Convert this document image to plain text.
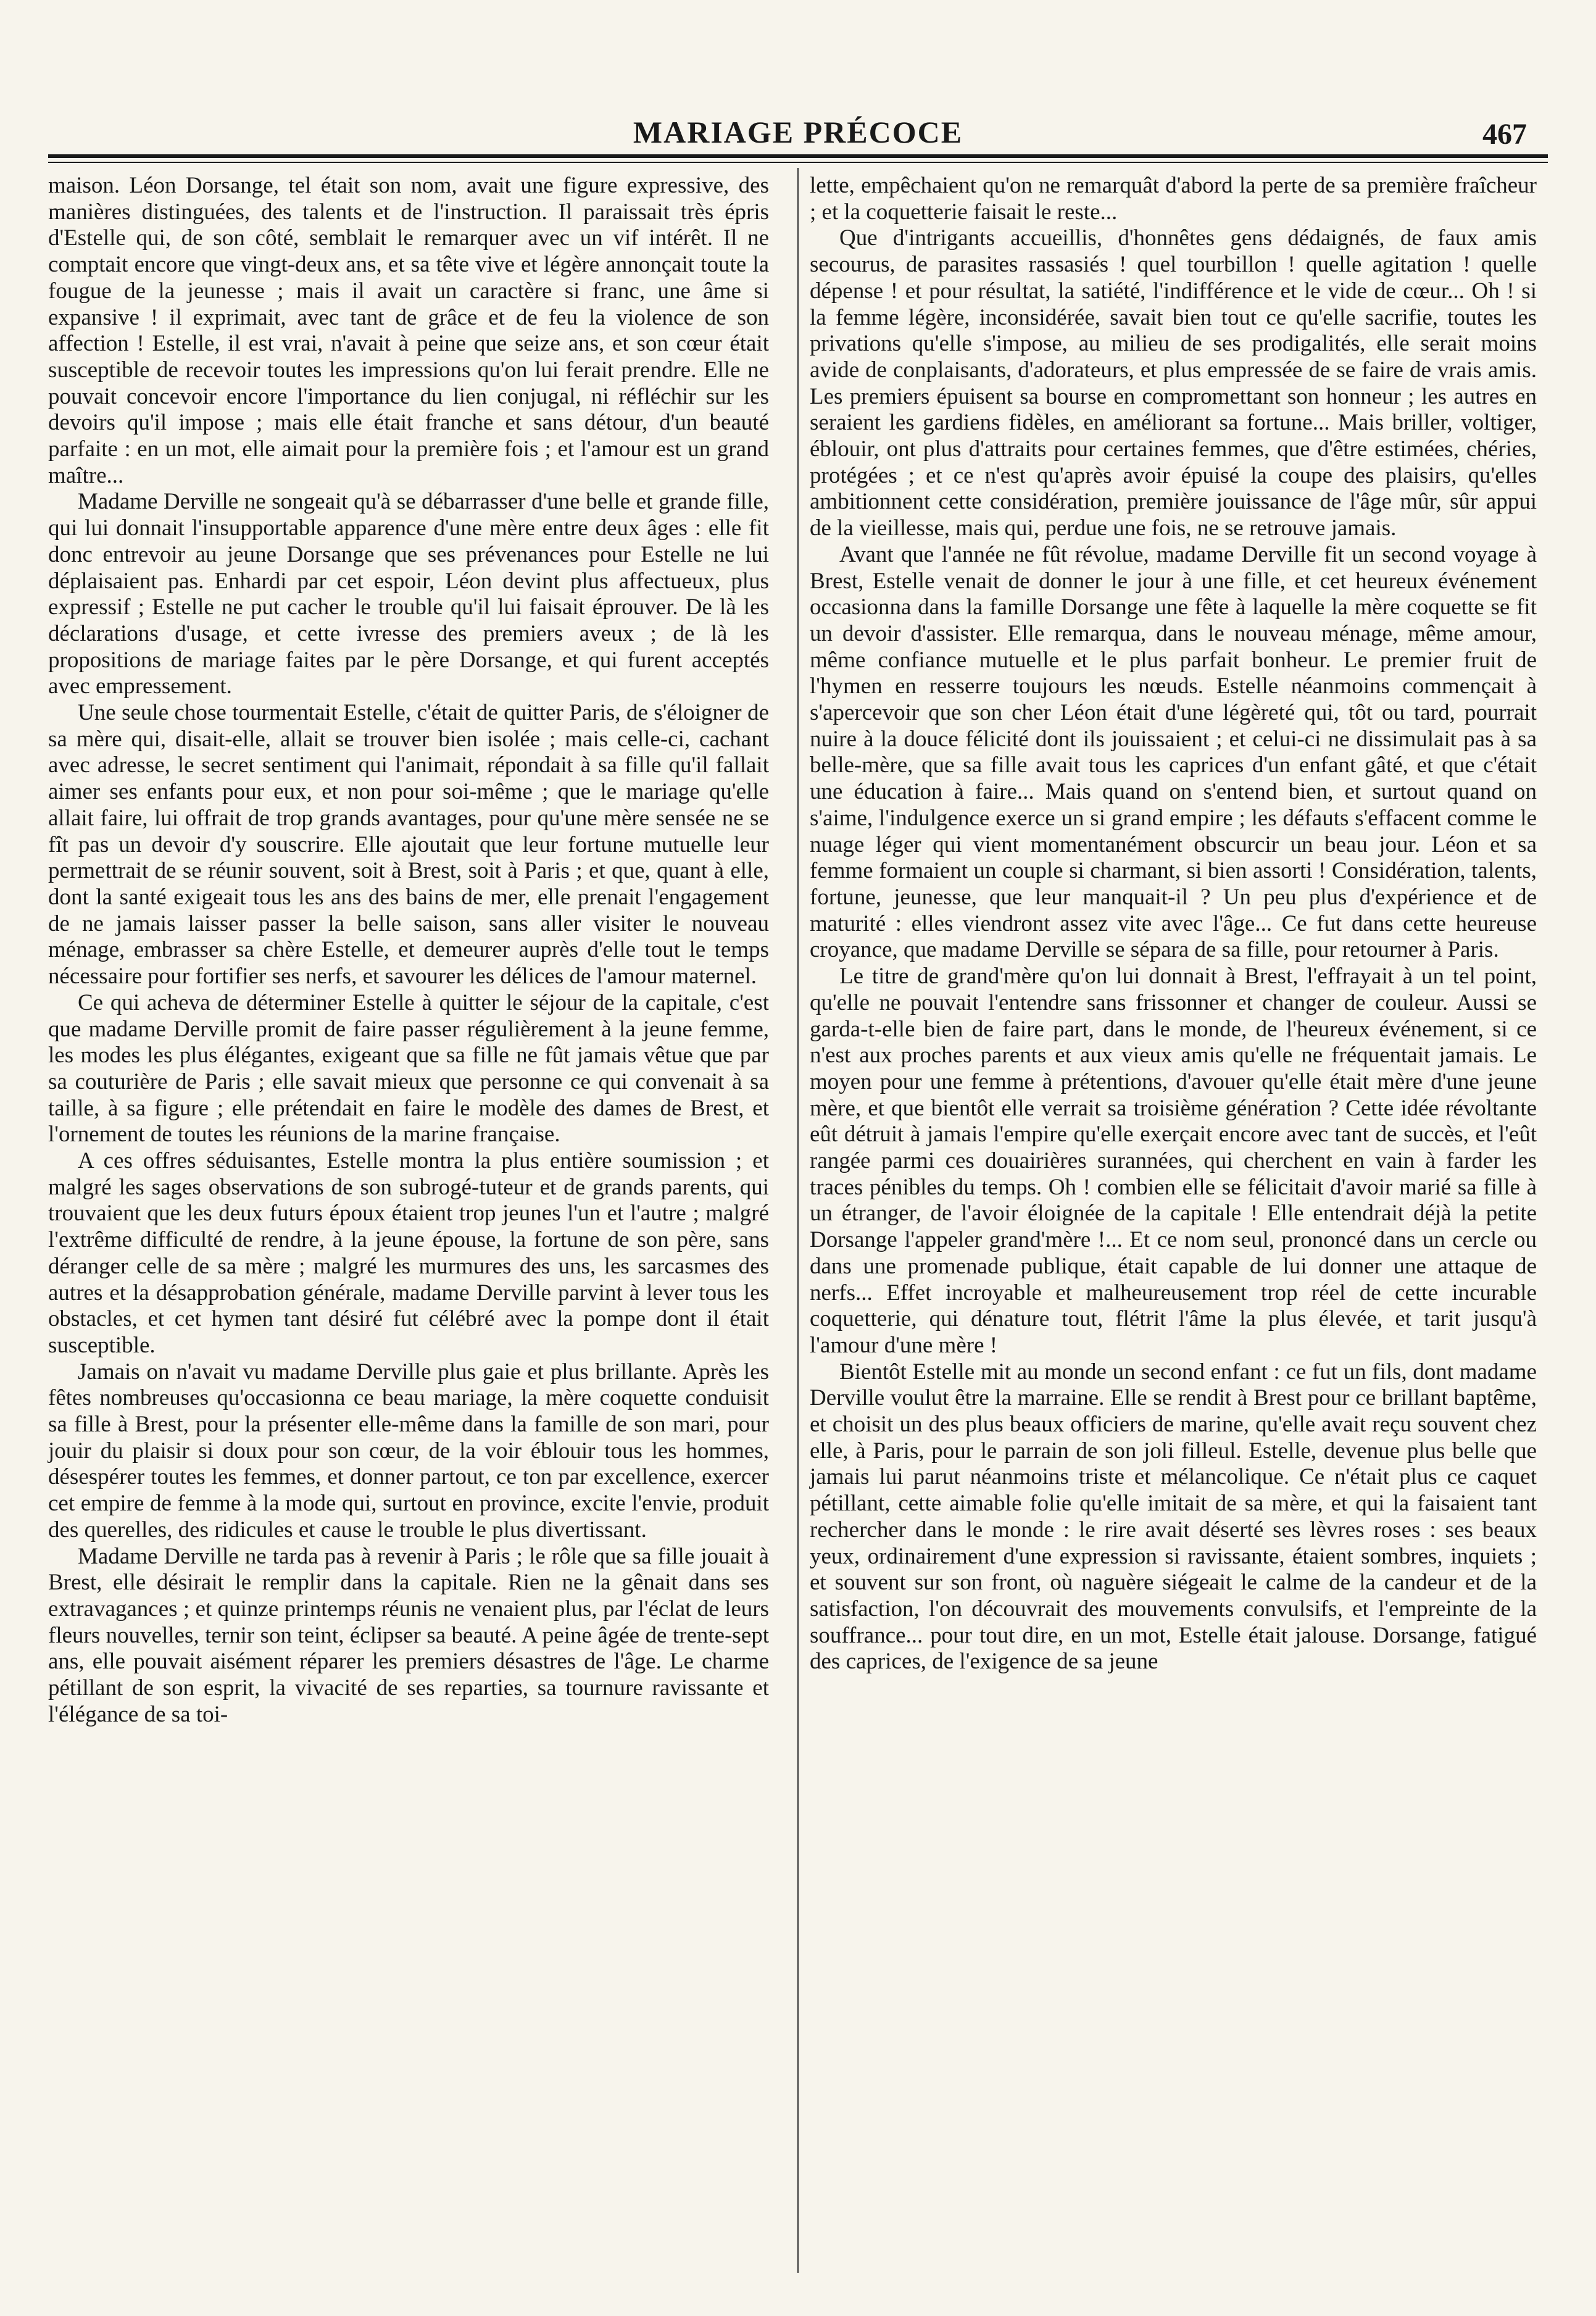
MARIAGE PRÉCOCE	467

maison. Léon Dorsange, tel était son nom, avait une figure expressive, des manières distinguées, des talents et de l'instruction. Il paraissait très épris d'Estelle qui, de son côté, semblait le remarquer avec un vif intérêt. Il ne comptait encore que vingt-deux ans, et sa tête vive et légère annonçait toute la fougue de la jeunesse ; mais il avait un caractère si franc, une âme si expansive ! il exprimait, avec tant de grâce et de feu la violence de son affection ! Estelle, il est vrai, n'avait à peine que seize ans, et son cœur était susceptible de recevoir toutes les impressions qu'on lui ferait prendre. Elle ne pouvait concevoir encore l'importance du lien conjugal, ni réfléchir sur les devoirs qu'il impose ; mais elle était franche et sans détour, d'un beauté parfaite : en un mot, elle aimait pour la première fois ; et l'amour est un grand maître...

Madame Derville ne songeait qu'à se débarrasser d'une belle et grande fille, qui lui donnait l'insupportable apparence d'une mère entre deux âges : elle fit donc entrevoir au jeune Dorsange que ses prévenances pour Estelle ne lui déplaisaient pas. Enhardi par cet espoir, Léon devint plus affectueux, plus expressif ; Estelle ne put cacher le trouble qu'il lui faisait éprouver. De là les déclarations d'usage, et cette ivresse des premiers aveux ; de là les propositions de mariage faites par le père Dorsange, et qui furent acceptés avec empressement.

Une seule chose tourmentait Estelle, c'était de quitter Paris, de s'éloigner de sa mère qui, disait-elle, allait se trouver bien isolée ; mais celle-ci, cachant avec adresse, le secret sentiment qui l'animait, répondait à sa fille qu'il fallait aimer ses enfants pour eux, et non pour soi-même ; que le mariage qu'elle allait faire, lui offrait de trop grands avantages, pour qu'une mère sensée ne se fît pas un devoir d'y souscrire. Elle ajoutait que leur fortune mutuelle leur permettrait de se réunir souvent, soit à Brest, soit à Paris ; et que, quant à elle, dont la santé exigeait tous les ans des bains de mer, elle prenait l'engagement de ne jamais laisser passer la belle saison, sans aller visiter le nouveau ménage, embrasser sa chère Estelle, et demeurer auprès d'elle tout le temps nécessaire pour fortifier ses nerfs, et savourer les délices de l'amour maternel.

Ce qui acheva de déterminer Estelle à quitter le séjour de la capitale, c'est que madame Derville promit de faire passer régulièrement à la jeune femme, les modes les plus élégantes, exigeant que sa fille ne fût jamais vêtue que par sa couturière de Paris ; elle savait mieux que personne ce qui convenait à sa taille, à sa figure ; elle prétendait en faire le modèle des dames de Brest, et l'ornement de toutes les réunions de la marine française.

A ces offres séduisantes, Estelle montra la plus entière soumission ; et malgré les sages observations de son subrogé-tuteur et de grands parents, qui trouvaient que les deux futurs époux étaient trop jeunes l'un et l'autre ; malgré l'extrême difficulté de rendre, à la jeune épouse, la fortune de son père, sans déranger celle de sa mère ; malgré les murmures des uns, les sarcasmes des autres et la désapprobation générale, madame Derville parvint à lever tous les obstacles, et cet hymen tant désiré fut célébré avec la pompe dont il était susceptible.

Jamais on n'avait vu madame Derville plus gaie et plus brillante. Après les fêtes nombreuses qu'occasionna ce beau mariage, la mère coquette conduisit sa fille à Brest, pour la présenter elle-même dans la famille de son mari, pour jouir du plaisir si doux pour son cœur, de la voir éblouir tous les hommes, désespérer toutes les femmes, et donner partout, ce ton par excellence, exercer cet empire de femme à la mode qui, surtout en province, excite l'envie, produit des querelles, des ridicules et cause le trouble le plus divertissant.

Madame Derville ne tarda pas à revenir à Paris ; le rôle que sa fille jouait à Brest, elle désirait le remplir dans la capitale. Rien ne la gênait dans ses extravagances ; et quinze printemps réunis ne venaient plus, par l'éclat de leurs fleurs nouvelles, ternir son teint, éclipser sa beauté. A peine âgée de trente-sept ans, elle pouvait aisément réparer les premiers désastres de l'âge. Le charme pétillant de son esprit, la vivacité de ses reparties, sa tournure ravissante et l'élégance de sa toi-

lette, empêchaient qu'on ne remarquât d'abord la perte de sa première fraîcheur ; et la coquetterie faisait le reste...

Que d'intrigants accueillis, d'honnêtes gens dédaignés, de faux amis secourus, de parasites rassasiés ! quel tourbillon ! quelle agitation ! quelle dépense ! et pour résultat, la satiété, l'indifférence et le vide de cœur... Oh ! si la femme légère, inconsidérée, savait bien tout ce qu'elle sacrifie, toutes les privations qu'elle s'impose, au milieu de ses prodigalités, elle serait moins avide de conplaisants, d'adorateurs, et plus empressée de se faire de vrais amis. Les premiers épuisent sa bourse en compromettant son honneur ; les autres en seraient les gardiens fidèles, en améliorant sa fortune... Mais briller, voltiger, éblouir, ont plus d'attraits pour certaines femmes, que d'être estimées, chéries, protégées ; et ce n'est qu'après avoir épuisé la coupe des plaisirs, qu'elles ambitionnent cette considération, première jouissance de l'âge mûr, sûr appui de la vieillesse, mais qui, perdue une fois, ne se retrouve jamais.

Avant que l'année ne fût révolue, madame Derville fit un second voyage à Brest, Estelle venait de donner le jour à une fille, et cet heureux événement occasionna dans la famille Dorsange une fête à laquelle la mère coquette se fit un devoir d'assister. Elle remarqua, dans le nouveau ménage, même amour, même confiance mutuelle et le plus parfait bonheur. Le premier fruit de l'hymen en resserre toujours les nœuds. Estelle néanmoins commençait à s'apercevoir que son cher Léon était d'une légèreté qui, tôt ou tard, pourrait nuire à la douce félicité dont ils jouissaient ; et celui-ci ne dissimulait pas à sa belle-mère, que sa fille avait tous les caprices d'un enfant gâté, et que c'était une éducation à faire... Mais quand on s'entend bien, et surtout quand on s'aime, l'indulgence exerce un si grand empire ; les défauts s'effacent comme le nuage léger qui vient momentanément obscurcir un beau jour. Léon et sa femme formaient un couple si charmant, si bien assorti ! Considération, talents, fortune, jeunesse, que leur manquait-il ? Un peu plus d'expérience et de maturité : elles viendront assez vite avec l'âge... Ce fut dans cette heureuse croyance, que madame Derville se sépara de sa fille, pour retourner à Paris.

Le titre de grand'mère qu'on lui donnait à Brest, l'effrayait à un tel point, qu'elle ne pouvait l'entendre sans frissonner et changer de couleur. Aussi se garda-t-elle bien de faire part, dans le monde, de l'heureux événement, si ce n'est aux proches parents et aux vieux amis qu'elle ne fréquentait jamais. Le moyen pour une femme à prétentions, d'avouer qu'elle était mère d'une jeune mère, et que bientôt elle verrait sa troisième génération ? Cette idée révoltante eût détruit à jamais l'empire qu'elle exerçait encore avec tant de succès, et l'eût rangée parmi ces douairières surannées, qui cherchent en vain à farder les traces pénibles du temps. Oh ! combien elle se félicitait d'avoir marié sa fille à un étranger, de l'avoir éloignée de la capitale ! Elle entendrait déjà la petite Dorsange l'appeler grand'mère !... Et ce nom seul, prononcé dans un cercle ou dans une promenade publique, était capable de lui donner une attaque de nerfs... Effet incroyable et malheureusement trop réel de cette incurable coquetterie, qui dénature tout, flétrit l'âme la plus élevée, et tarit jusqu'à l'amour d'une mère !

Bientôt Estelle mit au monde un second enfant : ce fut un fils, dont madame Derville voulut être la marraine. Elle se rendit à Brest pour ce brillant baptême, et choisit un des plus beaux officiers de marine, qu'elle avait reçu souvent chez elle, à Paris, pour le parrain de son joli filleul. Estelle, devenue plus belle que jamais lui parut néanmoins triste et mélancolique. Ce n'était plus ce caquet pétillant, cette aimable folie qu'elle imitait de sa mère, et qui la faisaient tant rechercher dans le monde : le rire avait déserté ses lèvres roses : ses beaux yeux, ordinairement d'une expression si ravissante, étaient sombres, inquiets ; et souvent sur son front, où naguère siégeait le calme de la candeur et de la satisfaction, l'on découvrait des mouvements convulsifs, et l'empreinte de la souffrance... pour tout dire, en un mot, Estelle était jalouse. Dorsange, fatigué des caprices, de l'exigence de sa jeune
